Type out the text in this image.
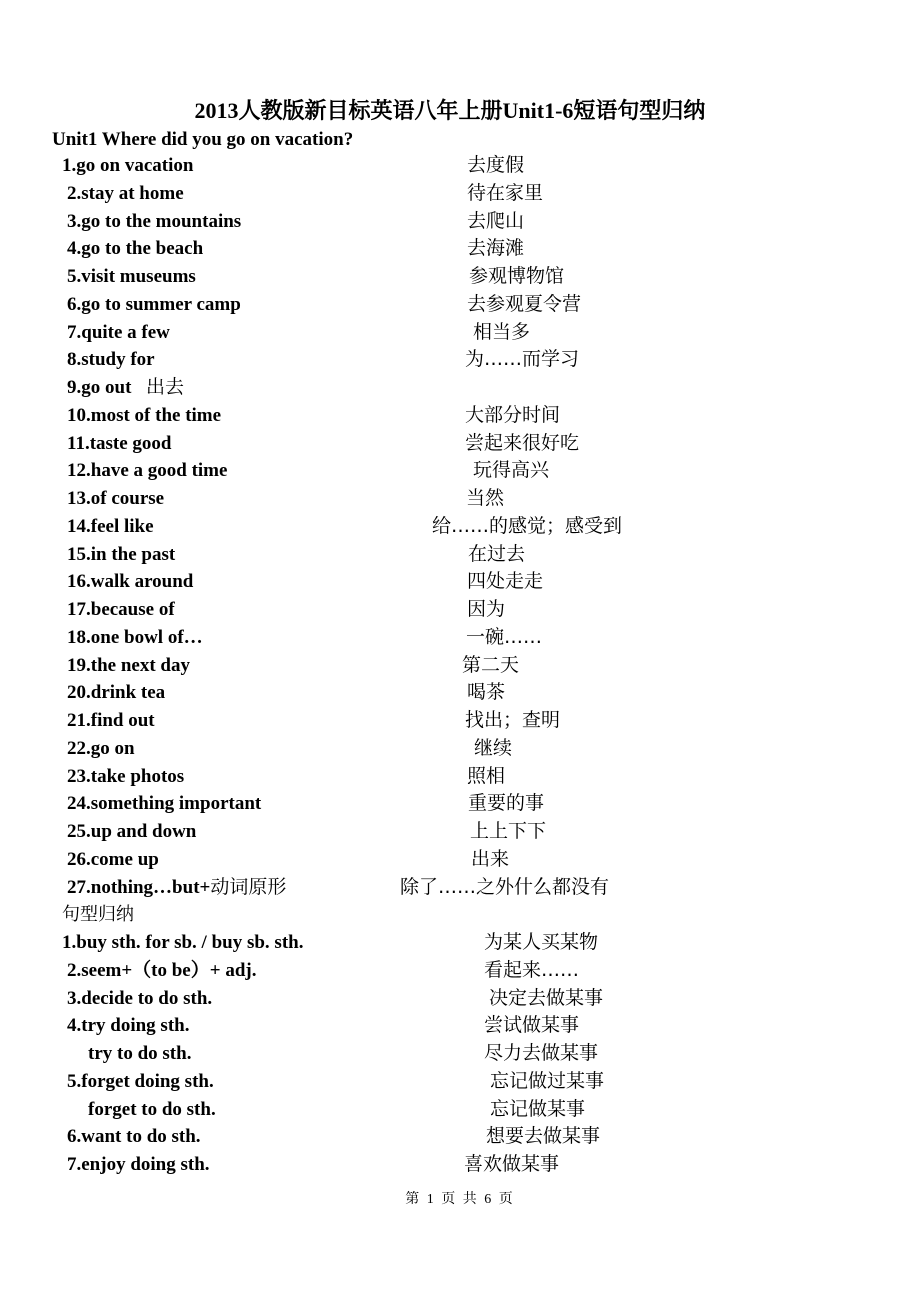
2013人教版新目标英语八年上册Unit1-6短语句型归纳
Unit1 Where did you go on vacation?
1.go on vacation	去度假
2.stay at home	待在家里
3.go to the mountains	去爬山
4.go to the beach	去海滩
5.visit museums	参观博物馆
6.go to summer camp	去参观夏令营
7.quite a few	相当多
8.study for	为……而学习
9.go out 出去
10.most of the time	大部分时间
11.taste good	尝起来很好吃
12.have a good time	玩得高兴
13.of course	当然
14.feel like	给……的感觉；感受到
15.in the past	在过去
16.walk around	四处走走
17.because of	因为
18.one bowl of…	一碗……
19.the next day	第二天
20.drink tea	喝茶
21.find out	找出；查明
22.go on	继续
23.take photos	照相
24.something important	重要的事
25.up and down	上上下下
26.come up	出来
27.nothing…but+动词原形	除了……之外什么都没有
句型归纳
1.buy sth. for sb. / buy sb. sth.	为某人买某物
2.seem+（to be）+ adj.	看起来……
3.decide to do sth.	决定去做某事
4.try doing sth.	尝试做某事
try to do sth.	尽力去做某事
5.forget doing sth.	忘记做过某事
forget to do sth.	忘记做某事
6.want to do sth.	想要去做某事
7.enjoy doing sth.	喜欢做某事
第 1 页 共 6 页
